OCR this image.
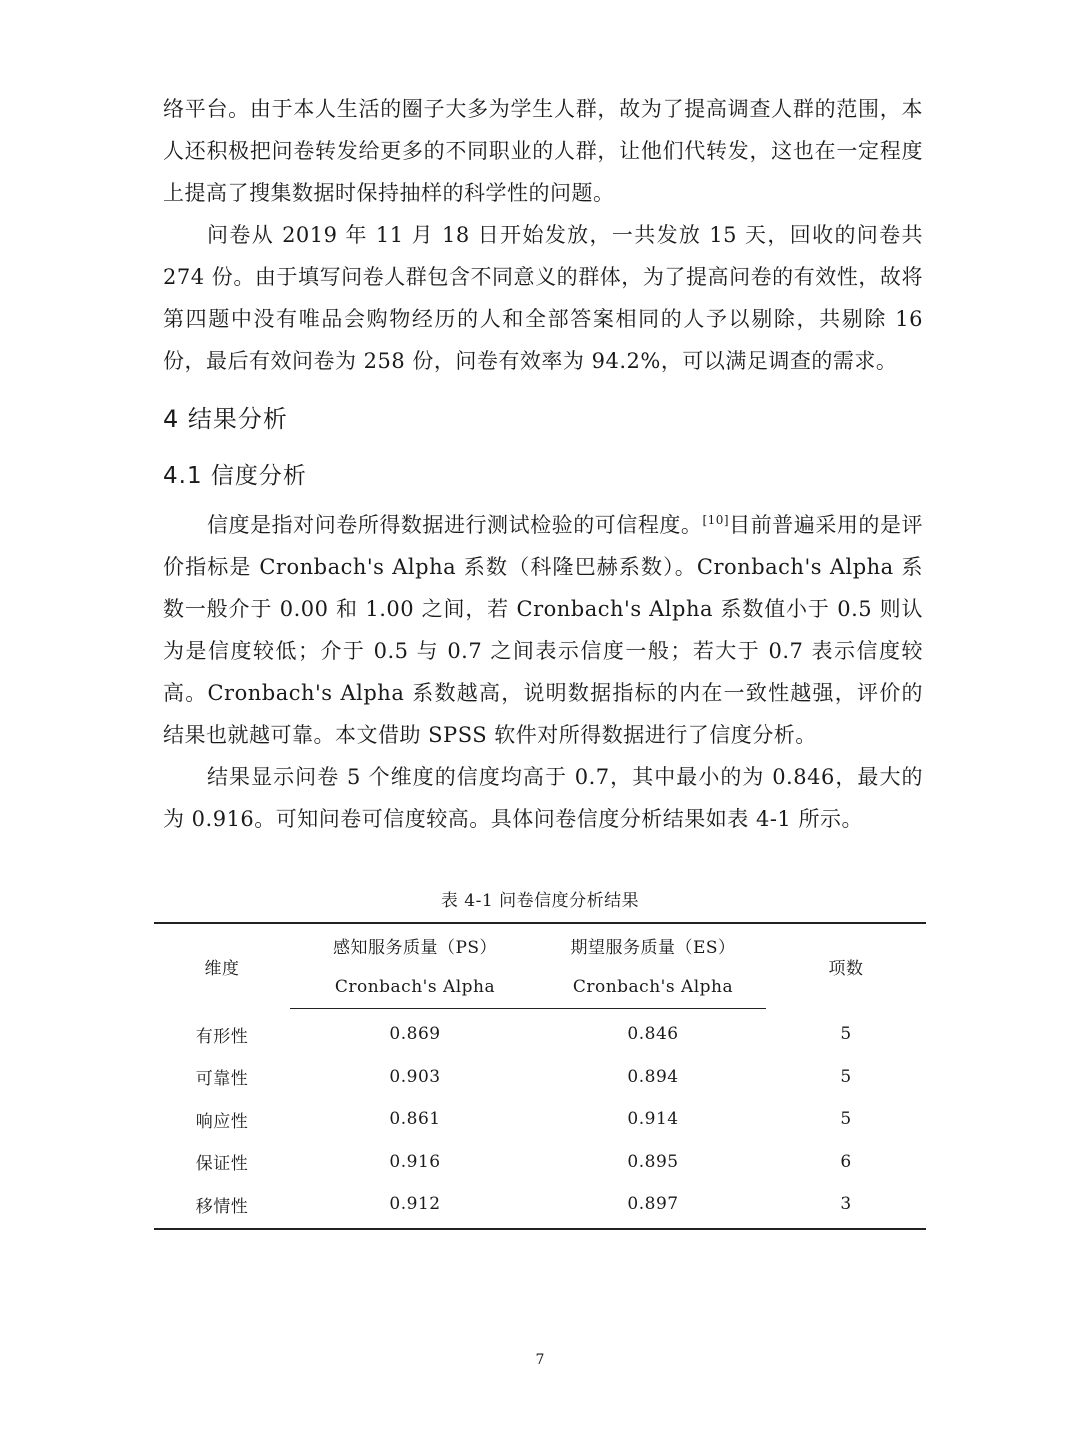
络平台。由于本人生活的圈子大多为学生人群，故为了提高调查人群的范围，本人还积极把问卷转发给更多的不同职业的人群，让他们代转发，这也在一定程度上提高了搜集数据时保持抽样的科学性的问题。

问卷从 2019 年 11 月 18 日开始发放，一共发放 15 天，回收的问卷共 274 份。由于填写问卷人群包含不同意义的群体，为了提高问卷的有效性，故将第四题中没有唯品会购物经历的人和全部答案相同的人予以剔除，共剔除 16 份，最后有效问卷为 258 份，问卷有效率为 94.2%，可以满足调查的需求。

4 结果分析
4.1 信度分析

信度是指对问卷所得数据进行测试检验的可信程度。[10]目前普遍采用的是评价指标是 Cronbach's Alpha 系数（科隆巴赫系数）。Cronbach's Alpha 系数一般介于 0.00 和 1.00 之间，若 Cronbach's Alpha 系数值小于 0.5 则认为是信度较低；介于 0.5 与 0.7 之间表示信度一般；若大于 0.7 表示信度较高。Cronbach's Alpha 系数越高，说明数据指标的内在一致性越强，评价的结果也就越可靠。本文借助 SPSS 软件对所得数据进行了信度分析。

结果显示问卷 5 个维度的信度均高于 0.7，其中最小的为 0.846，最大的为 0.916。可知问卷可信度较高。具体问卷信度分析结果如表 4-1 所示。

表 4-1 问卷信度分析结果
维度	感知服务质量（PS）	期望服务质量（ES）	项数
	Cronbach's Alpha	Cronbach's Alpha	
有形性	0.869	0.846	5
可靠性	0.903	0.894	5
响应性	0.861	0.914	5
保证性	0.916	0.895	6
移情性	0.912	0.897	3
7
